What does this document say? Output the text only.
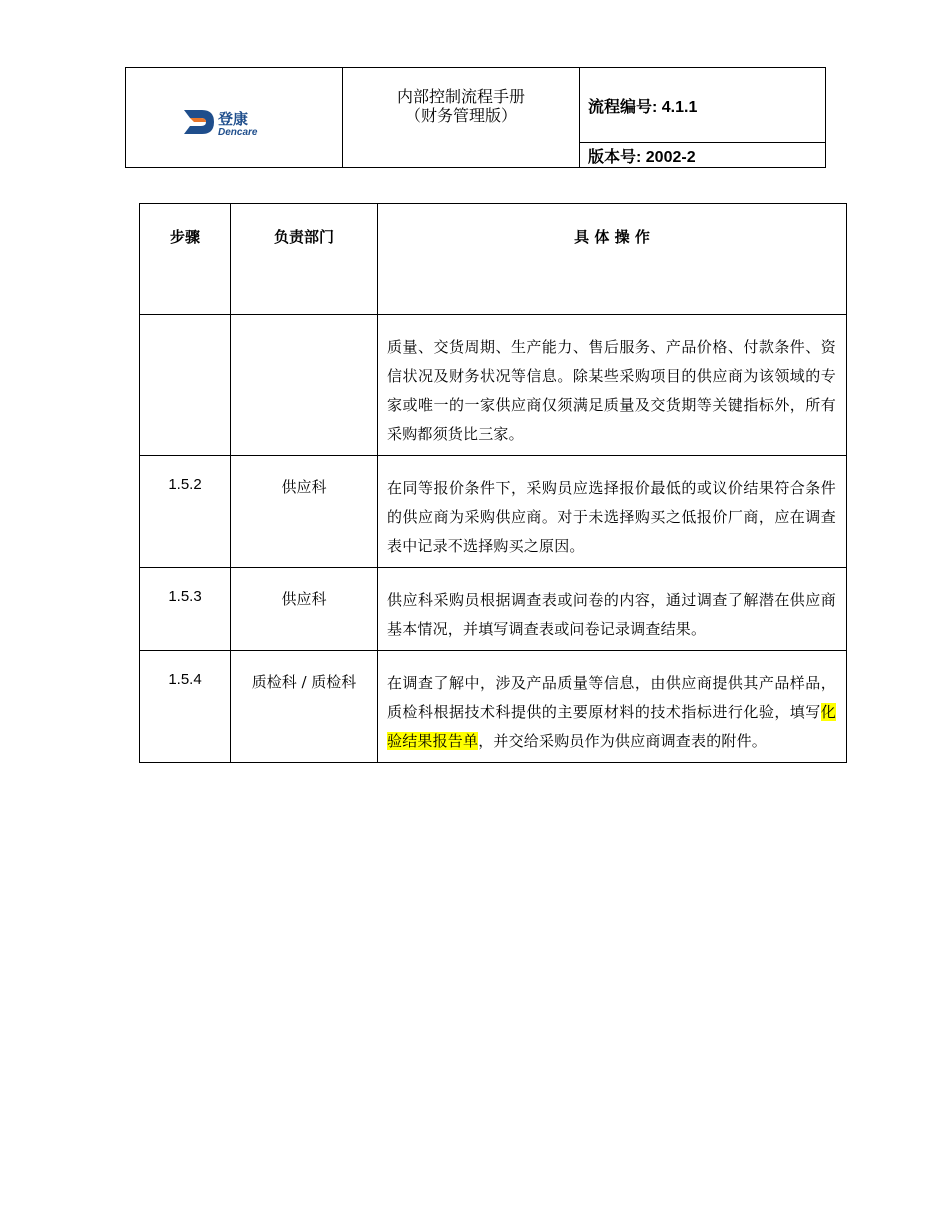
登康
Dencare

内部控制流程手册
（财务管理版）
	流程编号: 4.1.1
版本号: 2002-2
步骤	负责部门	具 体 操 作
		质量、交货周期、生产能力、售后服务、产品价格、付款条件、资信状况及财务状况等信息。除某些采购项目的供应商为该领域的专家或唯一的一家供应商仅须满足质量及交货期等关键指标外，所有采购都须货比三家。
1.5.2	供应科	在同等报价条件下，采购员应选择报价最低的或议价结果符合条件的供应商为采购供应商。对于未选择购买之低报价厂商，应在调查表中记录不选择购买之原因。
1.5.3	供应科	供应科采购员根据调查表或问卷的内容，通过调查了解潜在供应商基本情况，并填写调查表或问卷记录调查结果。
1.5.4	质检科 / 质检科	在调查了解中，涉及产品质量等信息，由供应商提供其产品样品，质检科根据技术科提供的主要原材料的技术指标进行化验，填写化验结果报告单，并交给采购员作为供应商调查表的附件。
